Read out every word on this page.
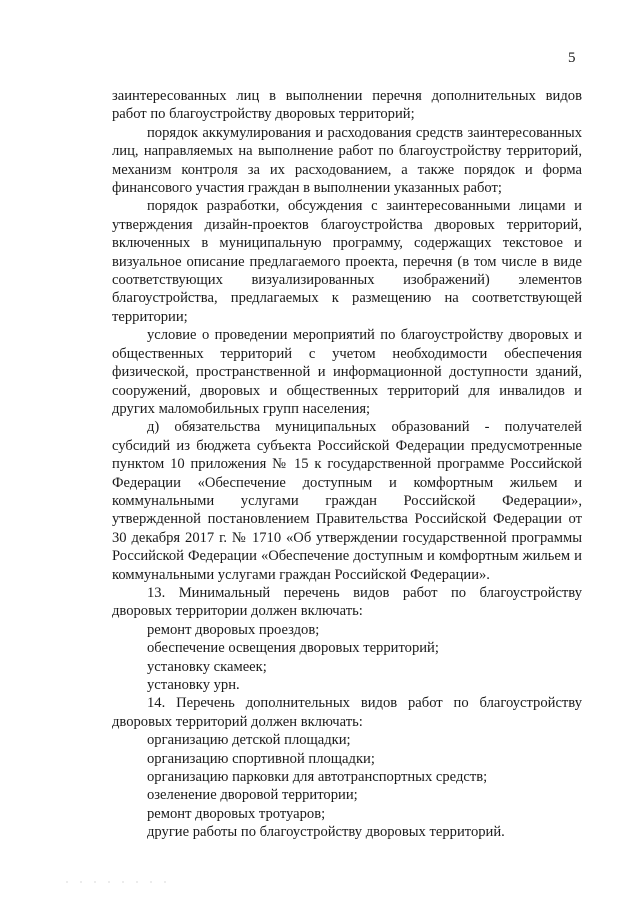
5

заинтересованных лиц в выполнении перечня дополнительных видов работ по благоустройству дворовых территорий;

порядок аккумулирования и расходования средств заинтересованных лиц, направляемых на выполнение работ по благоустройству территорий, механизм контроля за их расходованием, а также порядок и форма финансового участия граждан в выполнении указанных работ;

порядок разработки, обсуждения с заинтересованными лицами и утверждения дизайн-проектов благоустройства дворовых территорий, включенных в муниципальную программу, содержащих текстовое и визуальное описание предлагаемого проекта, перечня (в том числе в виде соответствующих визуализированных изображений) элементов благоустройства, предлагаемых к размещению на соответствующей территории;

условие о проведении мероприятий по благоустройству дворовых и общественных территорий с учетом необходимости обеспечения физической, пространственной и информационной доступности зданий, сооружений, дворовых и общественных территорий для инвалидов и других маломобильных групп населения;

д) обязательства муниципальных образований - получателей субсидий из бюджета субъекта Российской Федерации предусмотренные пунктом 10 приложения № 15 к государственной программе Российской Федерации «Обеспечение доступным и комфортным жильем и коммунальными услугами граждан Российской Федерации», утвержденной постановлением Правительства Российской Федерации от 30 декабря 2017 г. № 1710 «Об утверждении государственной программы Российской Федерации «Обеспечение доступным и комфортным жильем и коммунальными услугами граждан Российской Федерации».

13. Минимальный перечень видов работ по благоустройству дворовых территории должен включать:

ремонт дворовых проездов;

обеспечение освещения дворовых территорий;

установку скамеек;

установку урн.

14. Перечень дополнительных видов работ по благоустройству дворовых территорий должен включать:

организацию детской площадки;

организацию спортивной площадки;

организацию парковки для автотранспортных средств;

озеленение дворовой территории;

ремонт дворовых тротуаров;

другие работы по благоустройству дворовых территорий.
